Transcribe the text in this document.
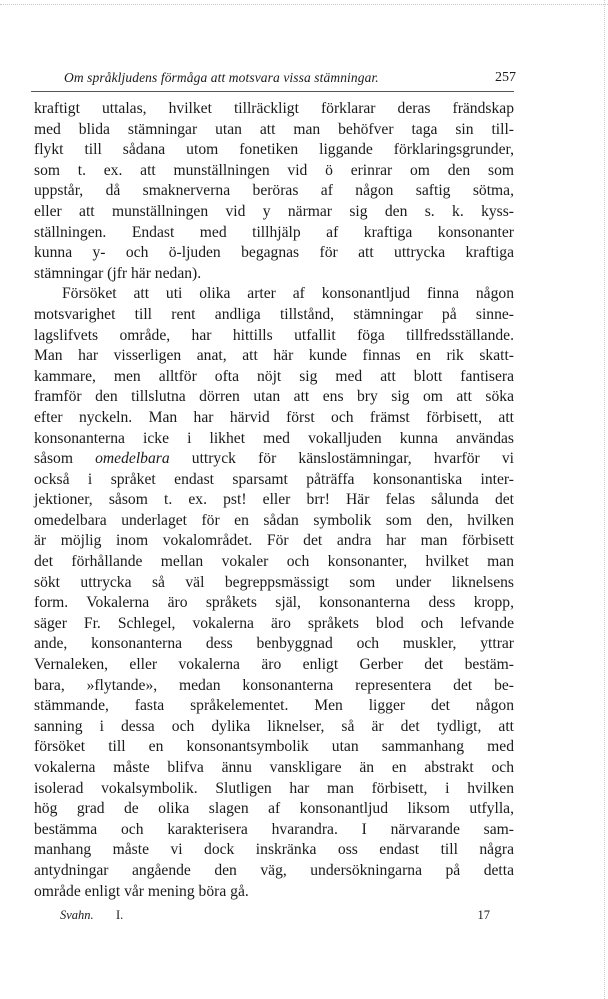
Om språkljudens förmåga att motsvara vissa stämningar.	257
kraftigt uttalas, hvilket tillräckligt förklarar deras frändskap
med blida stämningar utan att man behöfver taga sin till-
flykt till sådana utom fonetiken liggande förklaringsgrunder,
som t. ex. att munställningen vid ö erinrar om den som
uppstår, då smaknerverna beröras af någon saftig sötma,
eller att munställningen vid y närmar sig den s. k. kyss-
ställningen. Endast med tillhjälp af kraftiga konsonanter
kunna y- och ö-ljuden begagnas för att uttrycka kraftiga
stämningar (jfr här nedan).
Försöket att uti olika arter af konsonantljud finna någon
motsvarighet till rent andliga tillstånd, stämningar på sinne-
lagslifvets område, har hittills utfallit föga tillfredsställande.
Man har visserligen anat, att här kunde finnas en rik skatt-
kammare, men alltför ofta nöjt sig med att blott fantisera
framför den tillslutna dörren utan att ens bry sig om att söka
efter nyckeln. Man har härvid först och främst förbisett, att
konsonanterna icke i likhet med vokalljuden kunna användas
såsom omedelbara uttryck för känslostämningar, hvarför vi
också i språket endast sparsamt påträffa konsonantiska inter-
jektioner, såsom t. ex. pst! eller brr! Här felas sålunda det
omedelbara underlaget för en sådan symbolik som den, hvilken
är möjlig inom vokalområdet. För det andra har man förbisett
det förhållande mellan vokaler och konsonanter, hvilket man
sökt uttrycka så väl begreppsmässigt som under liknelsens
form. Vokalerna äro språkets själ, konsonanterna dess kropp,
säger Fr. Schlegel, vokalerna äro språkets blod och lefvande
ande, konsonanterna dess benbyggnad och muskler, yttrar
Vernaleken, eller vokalerna äro enligt Gerber det bestäm-
bara, »flytande», medan konsonanterna representera det be-
stämmande, fasta språkelementet. Men ligger det någon
sanning i dessa och dylika liknelser, så är det tydligt, att
försöket till en konsonantsymbolik utan sammanhang med
vokalerna måste blifva ännu vanskligare än en abstrakt och
isolerad vokalsymbolik. Slutligen har man förbisett, i hvilken
hög grad de olika slagen af konsonantljud liksom utfylla,
bestämma och karakterisera hvarandra. I närvarande sam-
manhang måste vi dock inskränka oss endast till några
antydningar angående den väg, undersökningarna på detta
område enligt vår mening böra gå.
Svahn. I.	17
